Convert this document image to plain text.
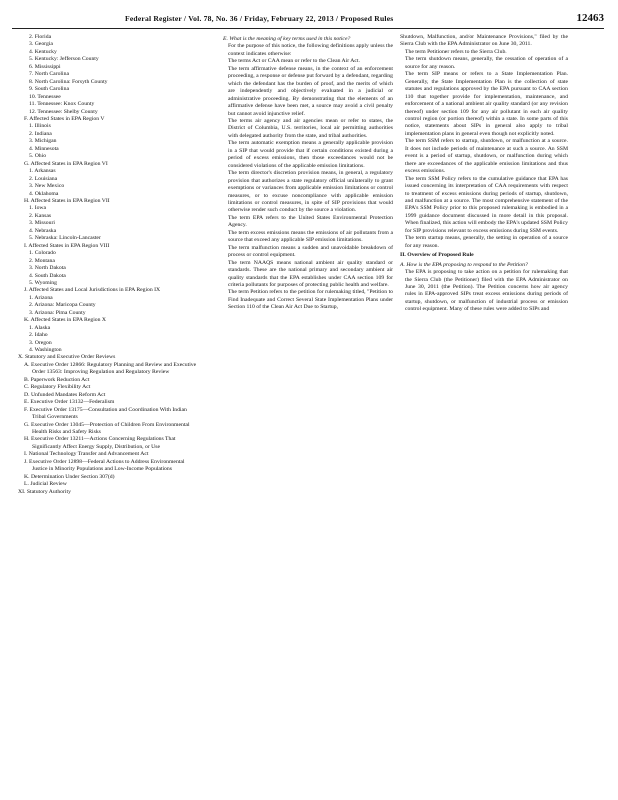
Federal Register / Vol. 78, No. 36 / Friday, February 22, 2013 / Proposed Rules	12463
2. Florida
3. Georgia
4. Kentucky
5. Kentucky: Jefferson County
6. Mississippi
7. North Carolina
8. North Carolina: Forsyth County
9. South Carolina
10. Tennessee
11. Tennessee: Knox County
12. Tennessee: Shelby County
F. Affected States in EPA Region V
1. Illinois
2. Indiana
3. Michigan
4. Minnesota
5. Ohio
G. Affected States in EPA Region VI
1. Arkansas
2. Louisiana
3. New Mexico
4. Oklahoma
H. Affected States in EPA Region VII
1. Iowa
2. Kansas
3. Missouri
4. Nebraska
5. Nebraska: Lincoln-Lancaster
I. Affected States in EPA Region VIII
1. Colorado
2. Montana
3. North Dakota
4. South Dakota
5. Wyoming
J. Affected States and Local Jurisdictions in EPA Region IX
1. Arizona
2. Arizona: Maricopa County
3. Arizona: Pima County
K. Affected States in EPA Region X
1. Alaska
2. Idaho
3. Oregon
4. Washington
X. Statutory and Executive Order Reviews
A. Executive Order 12866: Regulatory Planning and Review and Executive Order 13563: Improving Regulation and Regulatory Review
B. Paperwork Reduction Act
C. Regulatory Flexibility Act
D. Unfunded Mandates Reform Act
E. Executive Order 13132—Federalism
F. Executive Order 13175—Consultation and Coordination With Indian Tribal Governments
G. Executive Order 13045—Protection of Children From Environmental Health Risks and Safety Risks
H. Executive Order 13211—Actions Concerning Regulations That Significantly Affect Energy Supply, Distribution, or Use
I. National Technology Transfer and Advancement Act
J. Executive Order 12898—Federal Actions to Address Environmental Justice in Minority Populations and Low-Income Populations
K. Determination Under Section 307(d)
L. Judicial Review
XI. Statutory Authority

E. What is the meaning of key terms used in this notice?

For the purpose of this notice, the following definitions apply unless the context indicates otherwise:

The terms Act or CAA mean or refer to the Clean Air Act.

The term affirmative defense means, in the context of an enforcement proceeding, a response or defense put forward by a defendant, regarding which the defendant has the burden of proof, and the merits of which are independently and objectively evaluated in a judicial or administrative proceeding. By demonstrating that the elements of an affirmative defense have been met, a source may avoid a civil penalty but cannot avoid injunctive relief.

The terms air agency and air agencies mean or refer to states, the District of Columbia, U.S. territories, local air permitting authorities with delegated authority from the state, and tribal authorities.

The term automatic exemption means a generally applicable provision in a SIP that would provide that if certain conditions existed during a period of excess emissions, then those exceedances would not be considered violations of the applicable emission limitations.

The term director's discretion provision means, in general, a regulatory provision that authorizes a state regulatory official unilaterally to grant exemptions or variances from applicable emission limitations or control measures, or to excuse noncompliance with applicable emission limitations or control measures, in spite of SIP provisions that would otherwise render such conduct by the source a violation.

The term EPA refers to the United States Environmental Protection Agency.

The term excess emissions means the emissions of air pollutants from a source that exceed any applicable SIP emission limitations.

The term malfunction means a sudden and unavoidable breakdown of process or control equipment.

The term NAAQS means national ambient air quality standard or standards. These are the national primary and secondary ambient air quality standards that the EPA establishes under CAA section 109 for criteria pollutants for purposes of protecting public health and welfare.

The term Petition refers to the petition for rulemaking titled, "Petition to Find Inadequate and Correct Several State Implementation Plans under Section 110 of the Clean Air Act Due to Startup,

Shutdown, Malfunction, and/or Maintenance Provisions," filed by the Sierra Club with the EPA Administrator on June 30, 2011.

The term Petitioner refers to the Sierra Club.

The term shutdown means, generally, the cessation of operation of a source for any reason.

The term SIP means or refers to a State Implementation Plan. Generally, the State Implementation Plan is the collection of state statutes and regulations approved by the EPA pursuant to CAA section 110 that together provide for implementation, maintenance, and enforcement of a national ambient air quality standard (or any revision thereof) under section 109 for any air pollutant in each air quality control region (or portion thereof) within a state. In some parts of this notice, statements about SIPs in general also apply to tribal implementation plans in general even though not explicitly noted.

The term SSM refers to startup, shutdown, or malfunction at a source. It does not include periods of maintenance at such a source. An SSM event is a period of startup, shutdown, or malfunction during which there are exceedances of the applicable emission limitations and thus excess emissions.

The term SSM Policy refers to the cumulative guidance that EPA has issued concerning its interpretation of CAA requirements with respect to treatment of excess emissions during periods of startup, shutdown, and malfunction at a source. The most comprehensive statement of the EPA's SSM Policy prior to this proposed rulemaking is embodied in a 1999 guidance document discussed in more detail in this proposal. When finalized, this action will embody the EPA's updated SSM Policy for SIP provisions relevant to excess emissions during SSM events.

The term startup means, generally, the setting in operation of a source for any reason.

II. Overview of Proposed Rule

A. How is the EPA proposing to respond to the Petition?

The EPA is proposing to take action on a petition for rulemaking that the Sierra Club (the Petitioner) filed with the EPA Administrator on June 30, 2011 (the Petition). The Petition concerns how air agency rules in EPA-approved SIPs treat excess emissions during periods of startup, shutdown, or malfunction of industrial process or emission control equipment. Many of these rules were added to SIPs and
